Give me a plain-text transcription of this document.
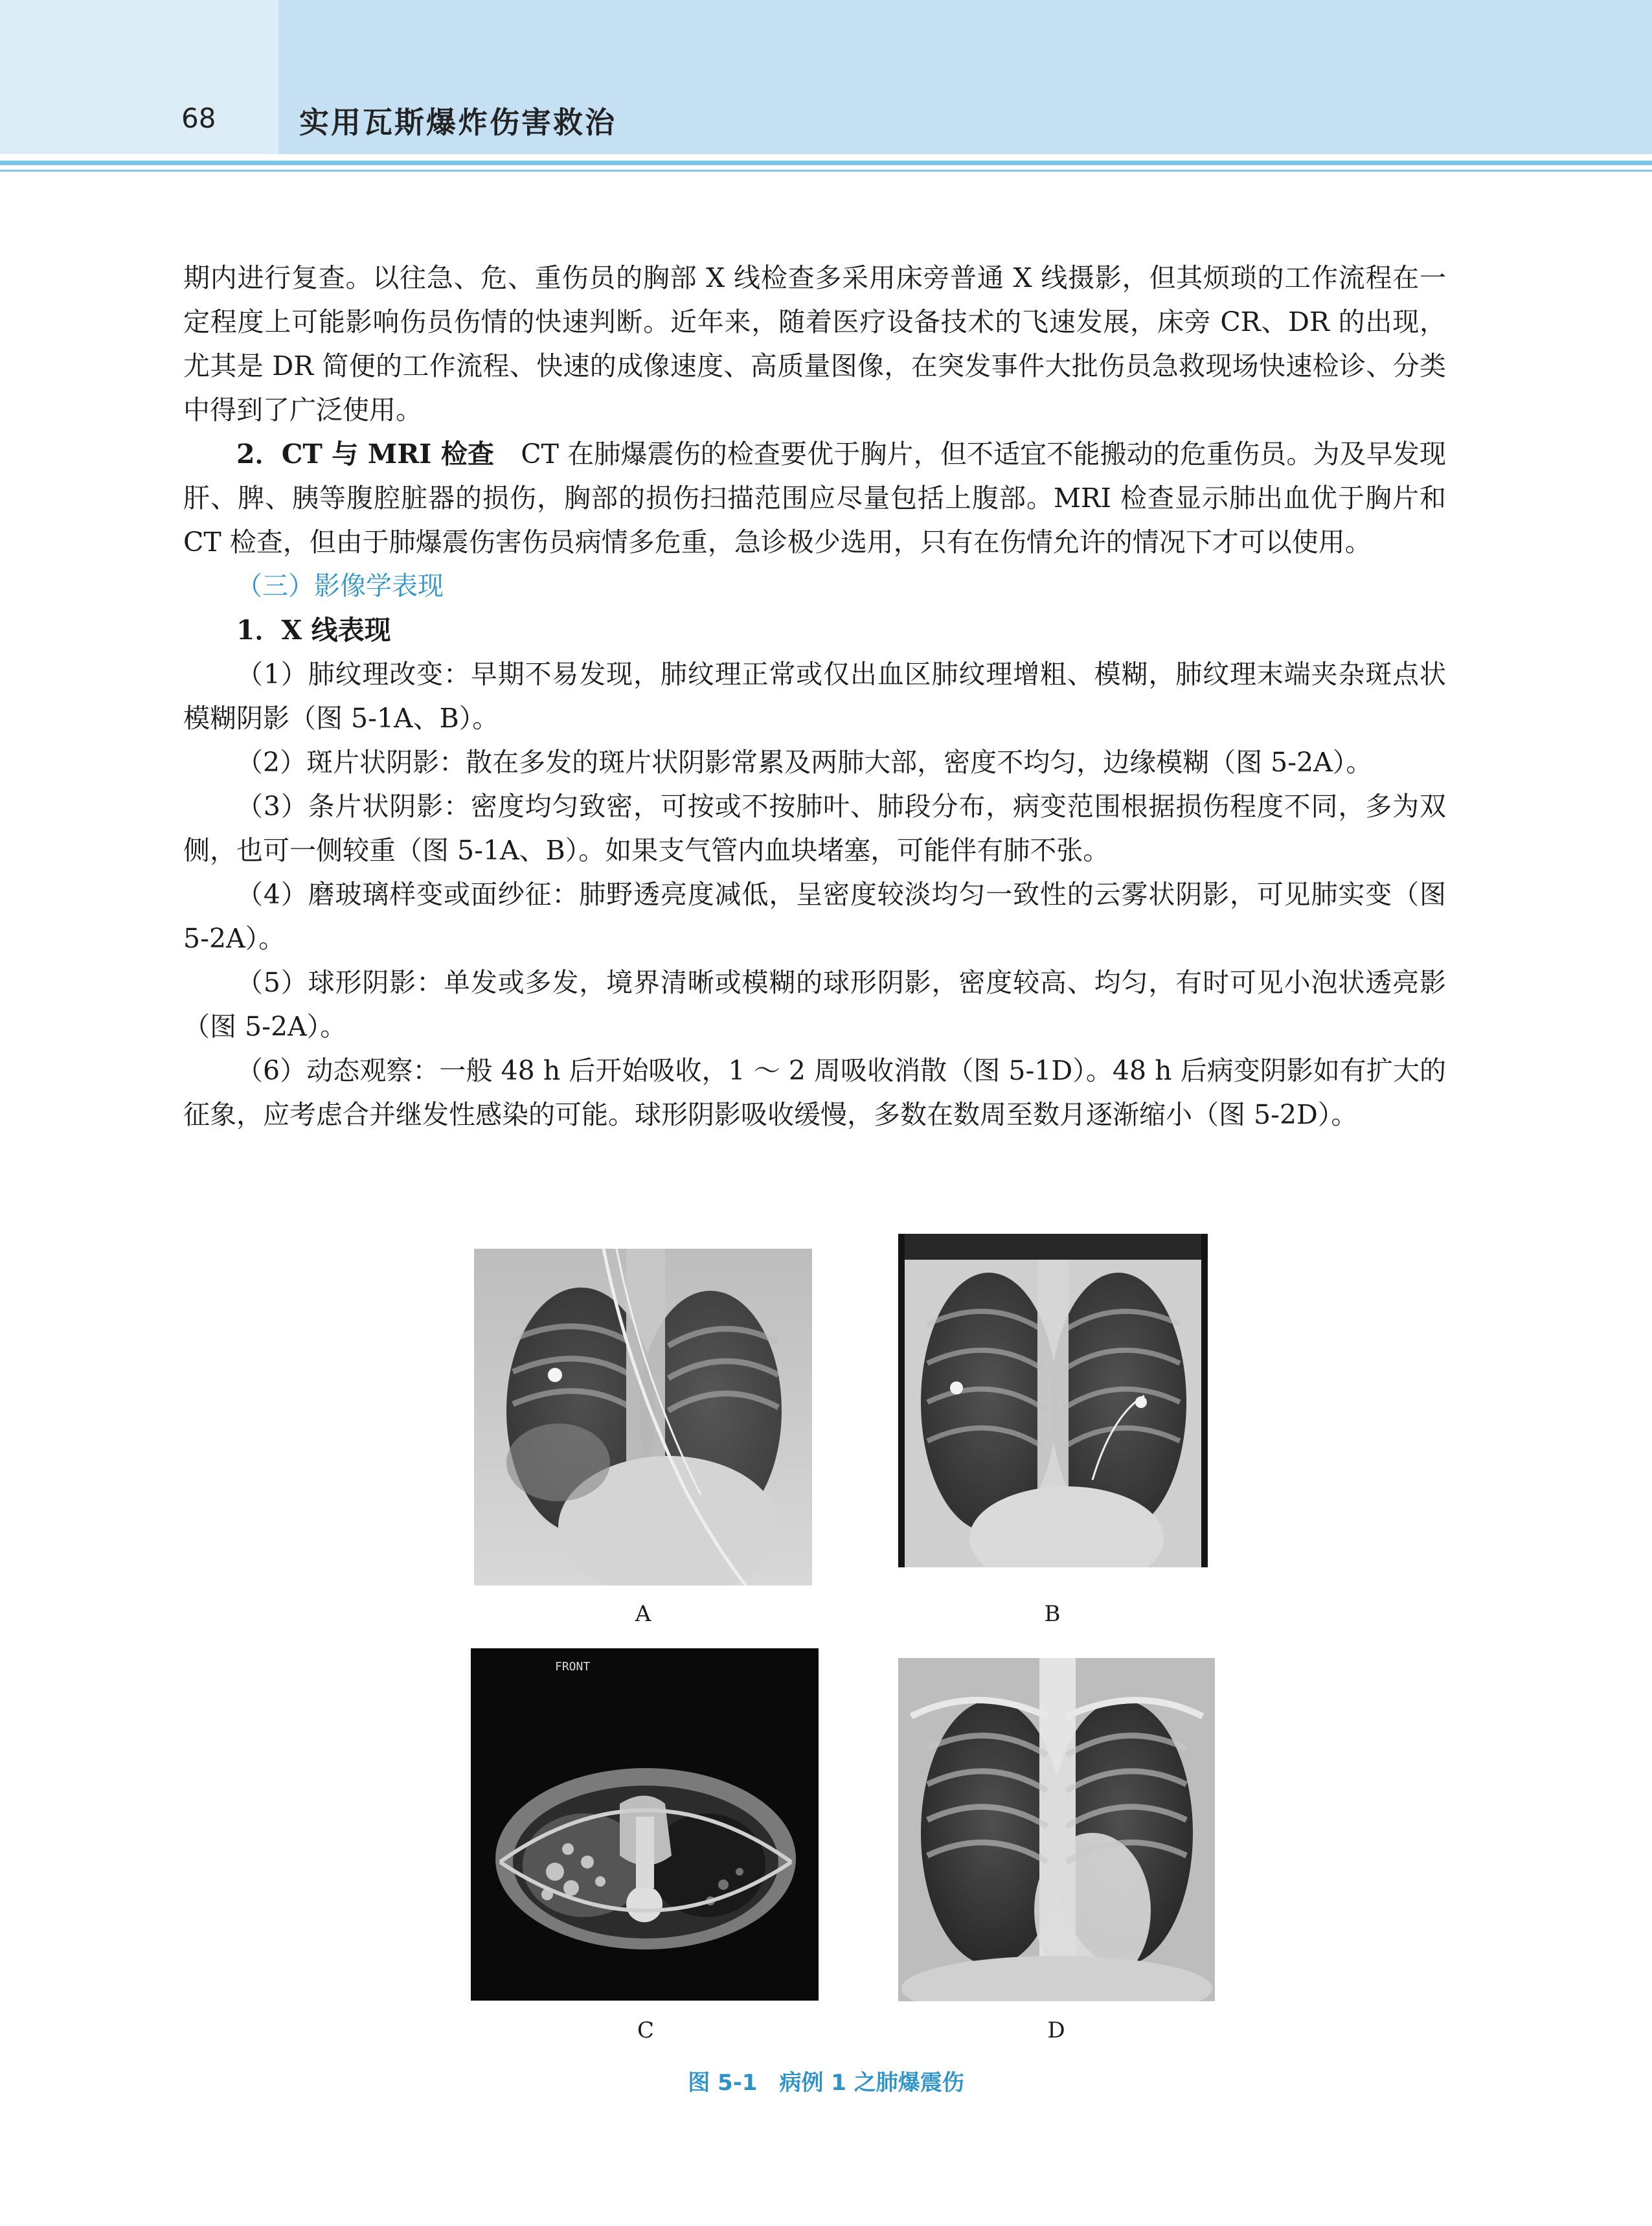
68	实用瓦斯爆炸伤害救治

期内进行复查。以往急、危、重伤员的胸部 X 线检查多采用床旁普通 X 线摄影，但其烦琐的工作流程在一定程度上可能影响伤员伤情的快速判断。近年来，随着医疗设备技术的飞速发展，床旁 CR、DR 的出现，尤其是 DR 简便的工作流程、快速的成像速度、高质量图像，在突发事件大批伤员急救现场快速检诊、分类中得到了广泛使用。

2．CT 与 MRI 检查　CT 在肺爆震伤的检查要优于胸片，但不适宜不能搬动的危重伤员。为及早发现肝、脾、胰等腹腔脏器的损伤，胸部的损伤扫描范围应尽量包括上腹部。MRI 检查显示肺出血优于胸片和 CT 检查，但由于肺爆震伤害伤员病情多危重，急诊极少选用，只有在伤情允许的情况下才可以使用。

（三）影像学表现

1．X 线表现

（1）肺纹理改变：早期不易发现，肺纹理正常或仅出血区肺纹理增粗、模糊，肺纹理末端夹杂斑点状模糊阴影（图 5-1A、B）。

（2）斑片状阴影：散在多发的斑片状阴影常累及两肺大部，密度不均匀，边缘模糊（图 5-2A）。

（3）条片状阴影：密度均匀致密，可按或不按肺叶、肺段分布，病变范围根据损伤程度不同，多为双侧，也可一侧较重（图 5-1A、B）。如果支气管内血块堵塞，可能伴有肺不张。

（4）磨玻璃样变或面纱征：肺野透亮度减低，呈密度较淡均匀一致性的云雾状阴影，可见肺实变（图 5-2A）。

（5）球形阴影：单发或多发，境界清晰或模糊的球形阴影，密度较高、均匀，有时可见小泡状透亮影（图 5-2A）。

（6）动态观察：一般 48 h 后开始吸收，1 ～ 2 周吸收消散（图 5-1D）。48 h 后病变阴影如有扩大的征象，应考虑合并继发性感染的可能。球形阴影吸收缓慢，多数在数周至数月逐渐缩小（图 5-2D）。

A	B
FRONT
C	D
图 5-1　病例 1 之肺爆震伤
